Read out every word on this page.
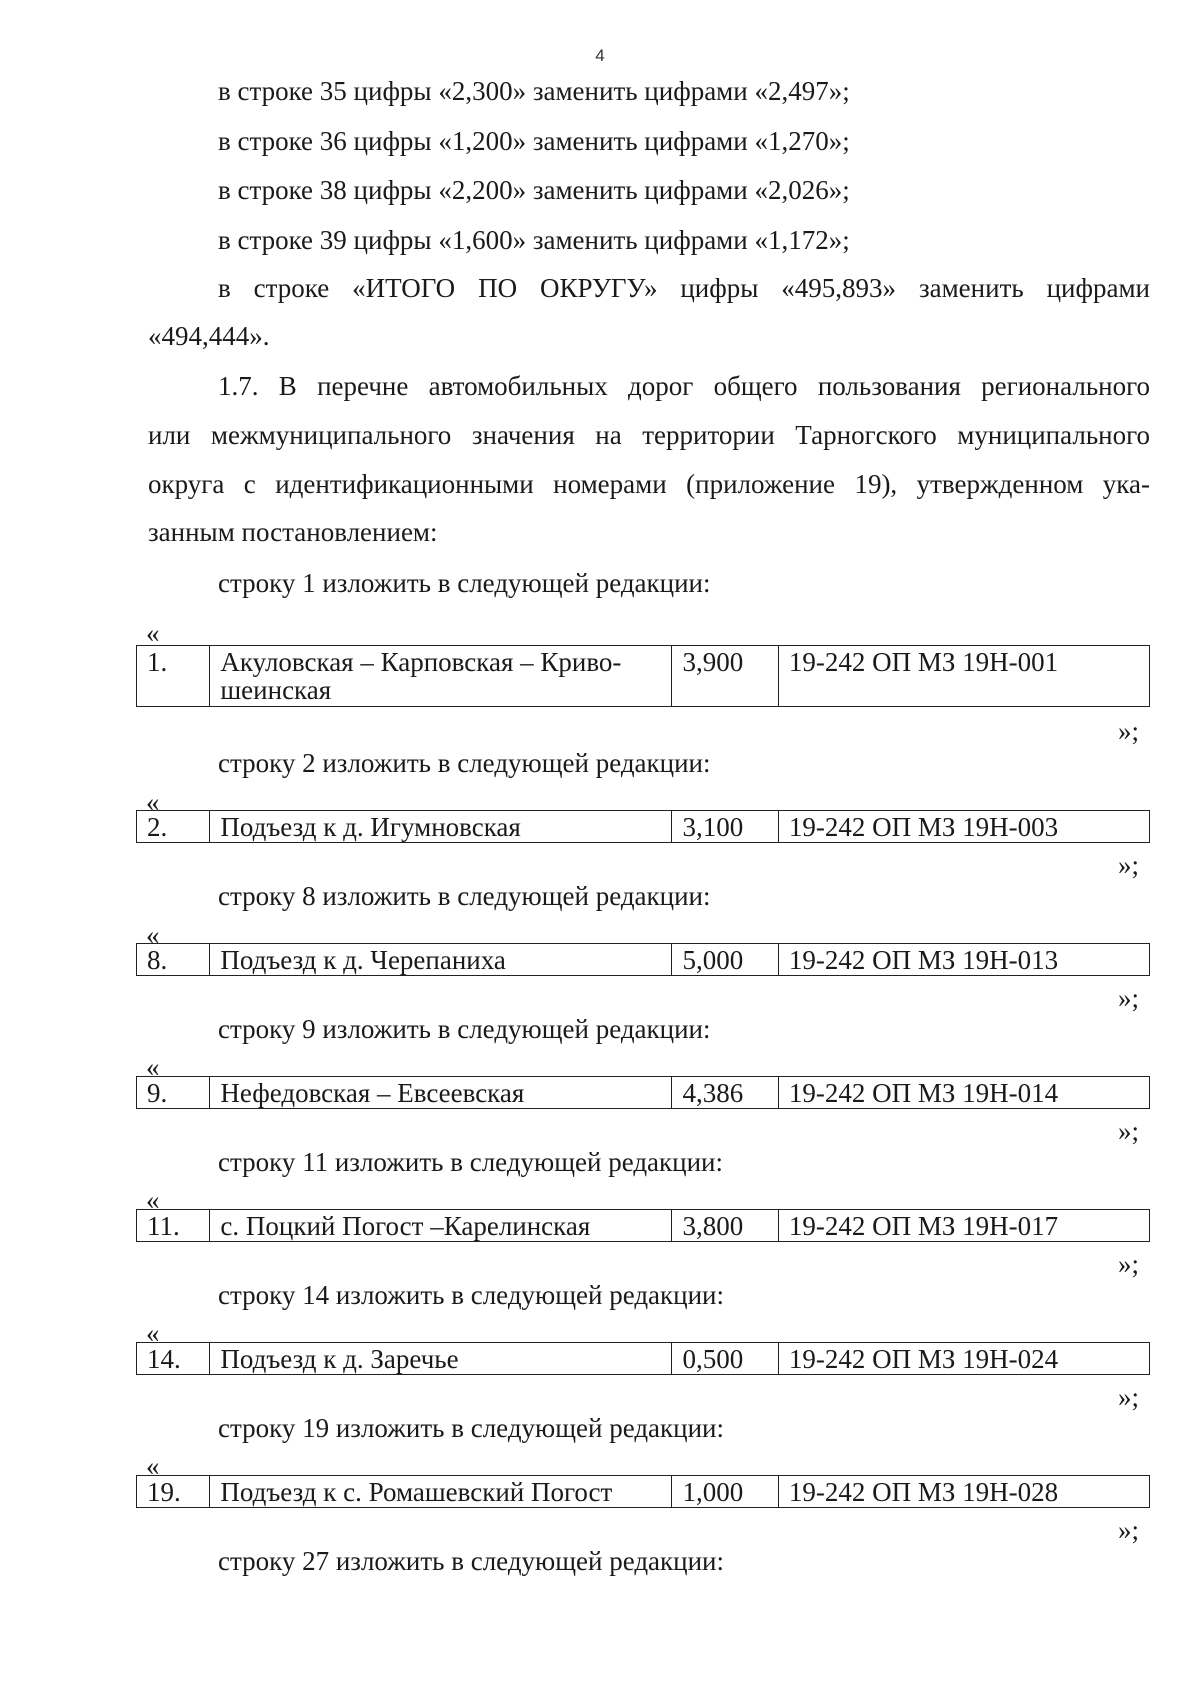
4
в строке 35 цифры «2,300» заменить цифрами «2,497»;
в строке 36 цифры «1,200» заменить цифрами «1,270»;
в строке 38 цифры «2,200» заменить цифрами «2,026»;
в строке 39 цифры «1,600» заменить цифрами «1,172»;
в строке «ИТОГО ПО ОКРУГУ» цифры «495,893» заменить цифрами
«494,444».
1.7. В перечне автомобильных дорог общего пользования регионального
или межмуниципального значения на территории Тарногского муниципального
округа с идентификационными номерами (приложение 19), утвержденном ука-
занным постановлением:
строку 1 изложить в следующей редакции:
«
1.	Акуловская – Карповская – Криво-
шеинская	3,900	19-242 ОП МЗ 19Н-001
»;
строку 2 изложить в следующей редакции:
«
2.	Подъезд к д. Игумновская	3,100	19-242 ОП МЗ 19Н-003
»;
строку 8 изложить в следующей редакции:
«
8.	Подъезд к д. Черепаниха	5,000	19-242 ОП МЗ 19Н-013
»;
строку 9 изложить в следующей редакции:
«
9.	Нефедовская – Евсеевская	4,386	19-242 ОП МЗ 19Н-014
»;
строку 11 изложить в следующей редакции:
«
11.	с. Поцкий Погост –Карелинская	3,800	19-242 ОП МЗ 19Н-017
»;
строку 14 изложить в следующей редакции:
«
14.	Подъезд к д. Заречье	0,500	19-242 ОП МЗ 19Н-024
»;
строку 19 изложить в следующей редакции:
«
19.	Подъезд к с. Ромашевский Погост	1,000	19-242 ОП МЗ 19Н-028
»;
строку 27 изложить в следующей редакции:
